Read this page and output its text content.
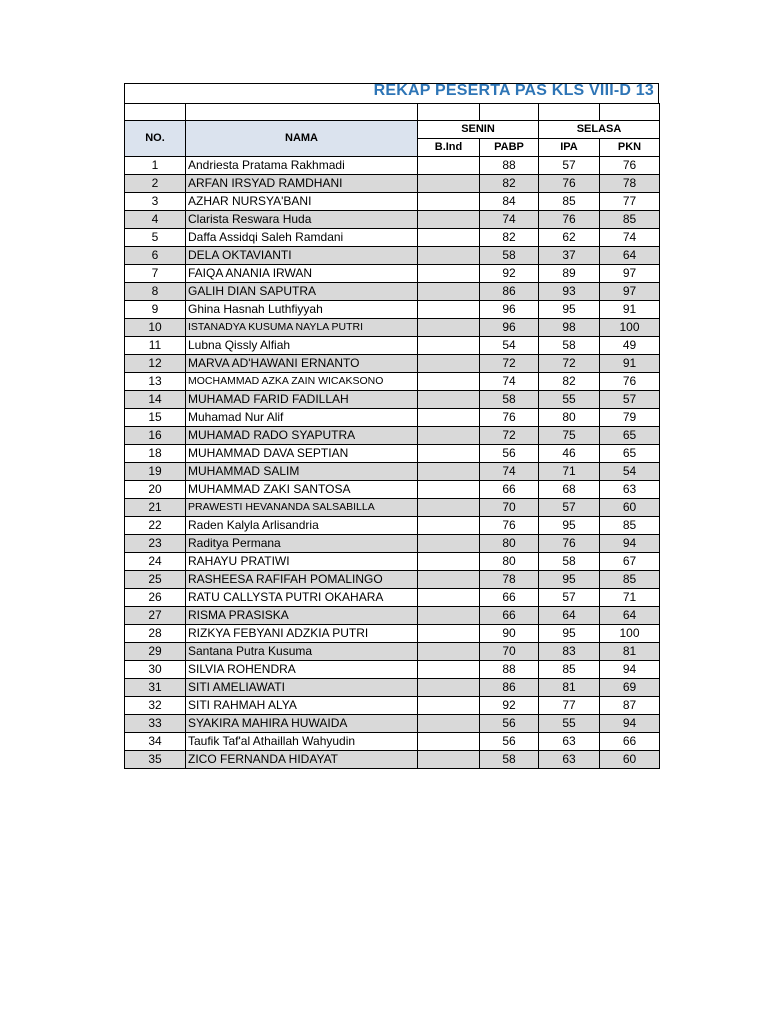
REKAP PESERTA PAS KLS VIII-D 13

NO.	NAMA	SENIN		SELASA	
		B.Ind	PABP	IPA	PKN
1	Andriesta Pratama Rakhmadi		88	57	76
2	ARFAN IRSYAD RAMDHANI		82	76	78
3	AZHAR NURSYA'BANI		84	85	77
4	Clarista Reswara Huda		74	76	85
5	Daffa Assidqi Saleh Ramdani		82	62	74
6	DELA OKTAVIANTI		58	37	64
7	FAIQA ANANIA IRWAN		92	89	97
8	GALIH DIAN SAPUTRA		86	93	97
9	Ghina Hasnah Luthfiyyah		96	95	91
10	ISTANADYA KUSUMA NAYLA PUTRI		96	98	100
11	Lubna Qissly Alfiah		54	58	49
12	MARVA AD'HAWANI ERNANTO		72	72	91
13	MOCHAMMAD AZKA ZAIN WICAKSONO		74	82	76
14	MUHAMAD FARID FADILLAH		58	55	57
15	Muhamad Nur Alif		76	80	79
16	MUHAMAD RADO SYAPUTRA		72	75	65
18	MUHAMMAD DAVA SEPTIAN		56	46	65
19	MUHAMMAD SALIM		74	71	54
20	MUHAMMAD ZAKI SANTOSA		66	68	63
21	PRAWESTI HEVANANDA SALSABILLA		70	57	60
22	Raden Kalyla Arlisandria		76	95	85
23	Raditya Permana		80	76	94
24	RAHAYU PRATIWI		80	58	67
25	RASHEESA RAFIFAH POMALINGO		78	95	85
26	RATU CALLYSTA PUTRI OKAHARA		66	57	71
27	RISMA PRASISKA		66	64	64
28	RIZKYA FEBYANI ADZKIA PUTRI		90	95	100
29	Santana Putra Kusuma		70	83	81
30	SILVIA ROHENDRA		88	85	94
31	SITI AMELIAWATI		86	81	69
32	SITI RAHMAH ALYA		92	77	87
33	SYAKIRA MAHIRA HUWAIDA		56	55	94
34	Taufik Taf'al Athaillah Wahyudin		56	63	66
35	ZICO FERNANDA HIDAYAT		58	63	60
